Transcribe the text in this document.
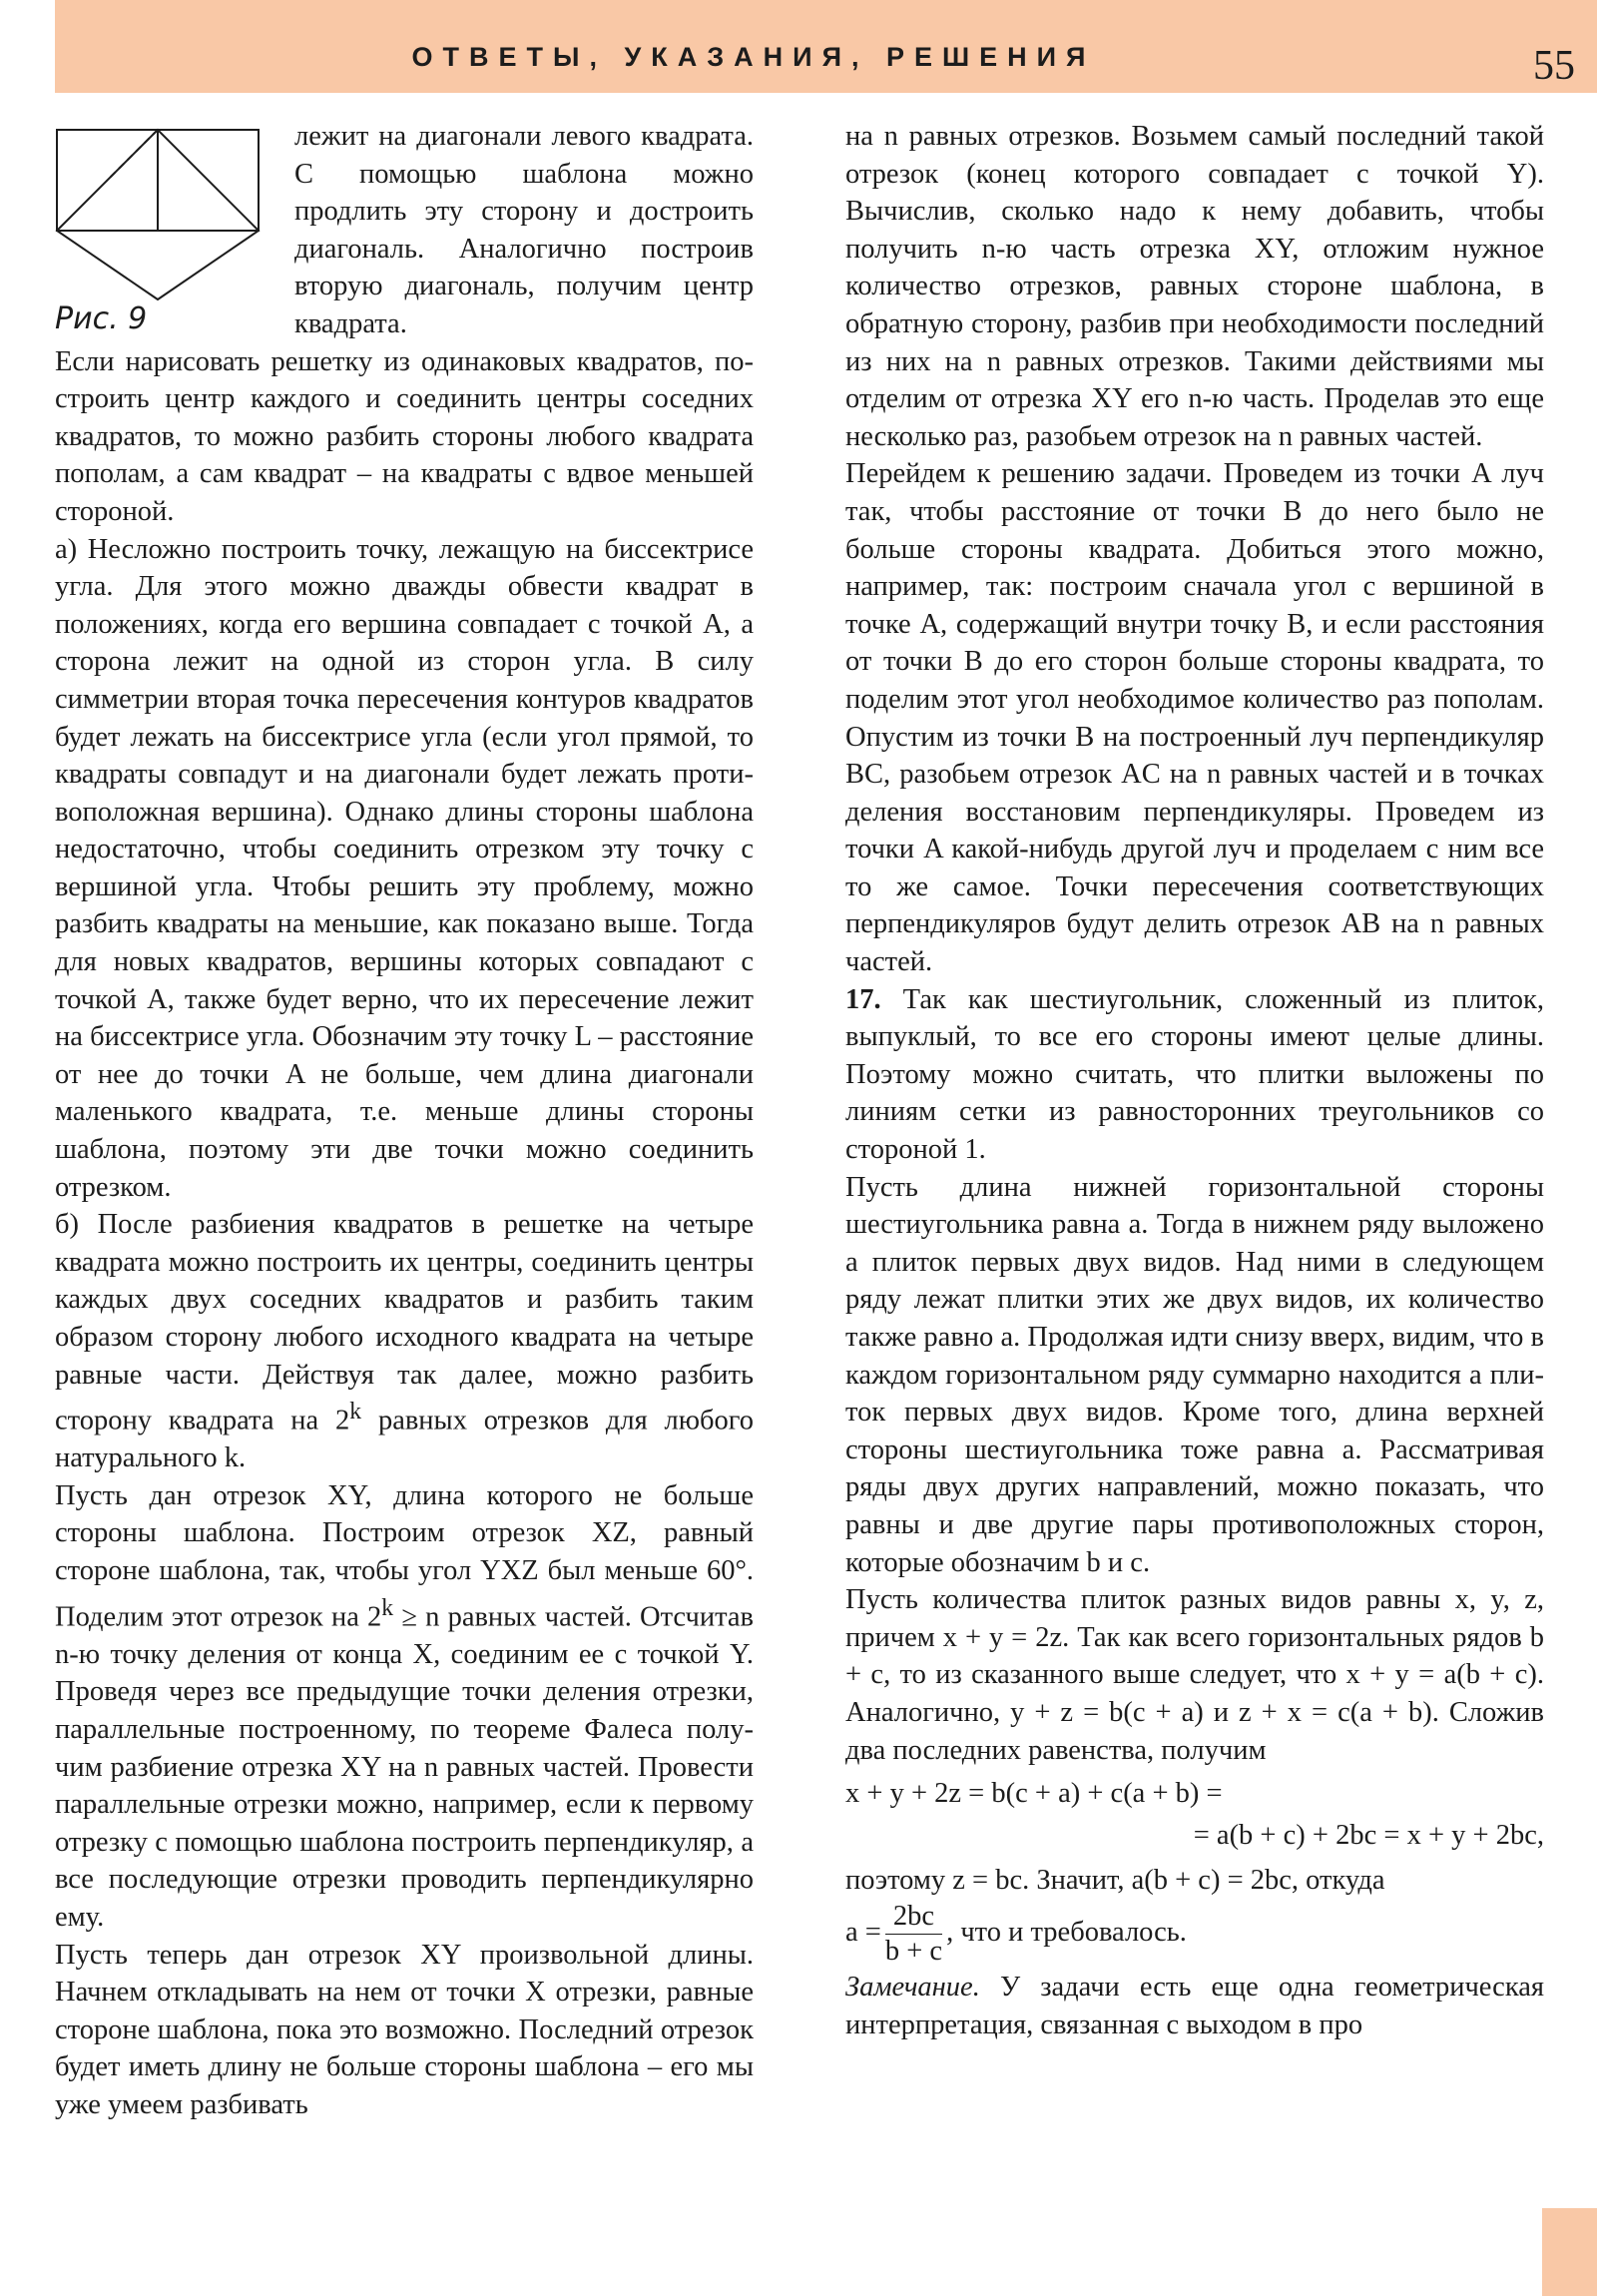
ОТВЕТЫ, УКАЗАНИЯ, РЕШЕНИЯ	55
Рис. 9

лежит на диагонали левого квадрата. С помощью шаблона можно продлить эту сторону и достроить диагональ. Аналогично построив вторую диагональ, получим центр квадрата.

Если нарисовать решетку из одинаковых квадратов, построить центр каждого и соединить центры соседних квадратов, то можно разбить стороны любого квадрата пополам, а сам квадрат – на квадраты с вдвое меньшей стороной.

а) Несложно построить точку, лежащую на биссектрисе угла. Для этого можно дважды обвести квадрат в положениях, когда его вершина совпадает с точкой A, а сторона лежит на одной из сторон угла. В силу симметрии вторая точка пересечения контуров квадратов будет лежать на биссектрисе угла (если угол прямой, то квадраты совпадут и на диагонали будет лежать противоположная вершина). Однако длины стороны шаблона недостаточно, чтобы соединить отрезком эту точку с вершиной угла. Чтобы решить эту проблему, можно разбить квадраты на меньшие, как показано выше. Тогда для новых квадратов, вершины которых совпадают с точкой A, также будет верно, что их пересечение лежит на биссектрисе угла. Обозначим эту точку L – расстояние от нее до точки A не больше, чем длина диагонали маленького квадрата, т.е. меньше длины стороны шаблона, поэтому эти две точки можно соединить отрезком.

б) После разбиения квадратов в решетке на четыре квадрата можно построить их центры, соединить центры каждых двух соседних квадратов и разбить таким образом сторону любого исходного квадрата на четыре равные части. Действуя так далее, можно разбить сторону квадрата на 2$^k$ равных отрезков для любого натурального k.

Пусть дан отрезок XY, длина которого не больше стороны шаблона. Построим отрезок XZ, равный стороне шаблона, так, чтобы угол YXZ был меньше 60°. Поделим этот отрезок на $2^k \ge n$ равных частей. Отсчитав n-ю точку деления от конца X, соединим ее с точкой Y. Проведя через все предыдущие точки деления отрезки, параллельные построенному, по теореме Фалеса получим разбиение отрезка XY на n равных частей. Провести параллельные отрезки можно, например, если к первому отрезку с помощью шаблона построить перпендикуляр, а все последующие отрезки проводить перпендикулярно ему.

Пусть теперь дан отрезок XY произвольной длины. Начнем откладывать на нем от точки X отрезки, равные стороне шаблона, пока это возможно. Последний отрезок будет иметь длину не больше стороны шаблона – его мы уже умеем разбивать

на n равных отрезков. Возьмем самый последний такой отрезок (конец которого совпадает с точкой Y). Вычислив, сколько надо к нему добавить, чтобы получить n-ю часть отрезка XY, отложим нужное количество отрезков, равных стороне шаблона, в обратную сторону, разбив при необходимости последний из них на n равных отрезков. Такими действиями мы отделим от отрезка XY его n-ю часть. Проделав это еще несколько раз, разобьем отрезок на n равных частей.

Перейдем к решению задачи. Проведем из точки A луч так, чтобы расстояние от точки B до него было не больше стороны квадрата. Добиться этого можно, например, так: построим сначала угол с вершиной в точке A, содержащий внутри точку B, и если расстояния от точки B до его сторон больше стороны квадрата, то поделим этот угол необходимое количество раз пополам. Опустим из точки B на построенный луч перпендикуляр BC, разобьем отрезок AC на n равных частей и в точках деления восстановим перпендикуляры. Проведем из точки A какой-нибудь другой луч и проделаем с ним все то же самое. Точки пересечения соответствующих перпендикуляров будут делить отрезок AB на n равных частей.

17. Так как шестиугольник, сложенный из плиток, выпуклый, то все его стороны имеют целые длины. Поэтому можно считать, что плитки выложены по линиям сетки из равносторонних треугольников со стороной 1.

Пусть длина нижней горизонтальной стороны шестиугольника равна a. Тогда в нижнем ряду выложено a плиток первых двух видов. Над ними в следующем ряду лежат плитки этих же двух видов, их количество также равно a. Продолжая идти снизу вверх, видим, что в каждом горизонтальном ряду суммарно находится a плиток первых двух видов. Кроме того, длина верхней стороны шестиугольника тоже равна a. Рассматривая ряды двух других направлений, можно показать, что равны и две другие пары противоположных сторон, которые обозначим b и c.

Пусть количества плиток разных видов равны x, y, z, причем x + y = 2z. Так как всего горизонтальных рядов b + c, то из сказанного выше следует, что x + y = a(b + c). Аналогично, y + z = b(c + a) и z + x = c(a + b). Сложив два последних равенства, получим

x + y + 2z = b(c + a) + c(a + b) =

= a(b + c) + 2bc = x + y + 2bc,

поэтому z = bc. Значит, a(b + c) = 2bc, откуда

$a = \frac{2bc}{b + c}$ , что и требовалось.

Замечание. У задачи есть еще одна геометрическая интерпретация, связанная с выходом в про
